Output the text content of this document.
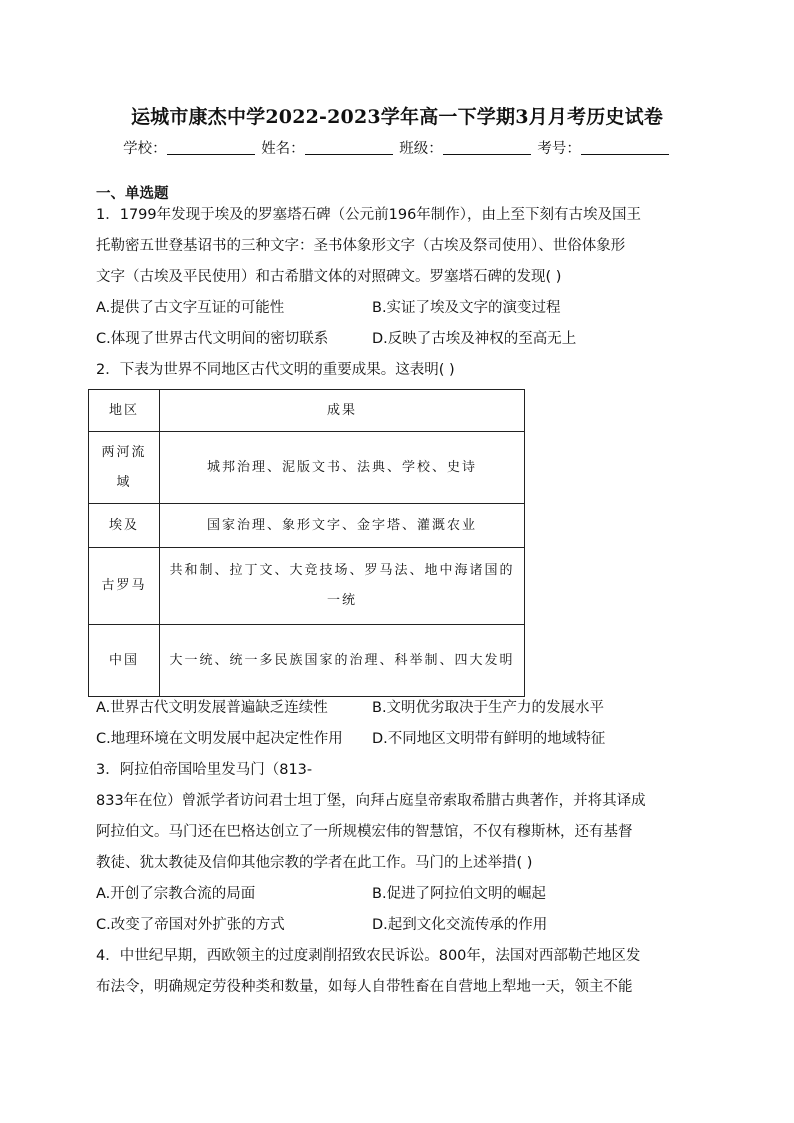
运城市康杰中学2022-2023学年高一下学期3月月考历史试卷
学校：	姓名：	班级：	考号：
一、单选题
1．1799年发现于埃及的罗塞塔石碑（公元前196年制作），由上至下刻有古埃及国王
托勒密五世登基诏书的三种文字：圣书体象形文字（古埃及祭司使用）、世俗体象形
文字（古埃及平民使用）和古希腊文体的对照碑文。罗塞塔石碑的发现( )
A.提供了古文字互证的可能性	B.实证了埃及文字的演变过程
C.体现了世界古代文明间的密切联系	D.反映了古埃及神权的至高无上
2．下表为世界不同地区古代文明的重要成果。这表明( )
地区	成果
两河流域	城邦治理、泥版文书、法典、学校、史诗
埃及	国家治理、象形文字、金字塔、灌溉农业
古罗马	共和制、拉丁文、大竞技场、罗马法、地中海诸国的一统
中国	大一统、统一多民族国家的治理、科举制、四大发明
A.世界古代文明发展普遍缺乏连续性	B.文明优劣取决于生产力的发展水平
C.地理环境在文明发展中起决定性作用 D.不同地区文明带有鲜明的地域特征
3．阿拉伯帝国哈里发马门（813-
833年在位）曾派学者访问君士坦丁堡，向拜占庭皇帝索取希腊古典著作，并将其译成
阿拉伯文。马门还在巴格达创立了一所规模宏伟的智慧馆，不仅有穆斯林，还有基督
教徒、犹太教徒及信仰其他宗教的学者在此工作。马门的上述举措( )
A.开创了宗教合流的局面	B.促进了阿拉伯文明的崛起
C.改变了帝国对外扩张的方式	D.起到文化交流传承的作用
4．中世纪早期，西欧领主的过度剥削招致农民诉讼。800年，法国对西部勒芒地区发
布法令，明确规定劳役种类和数量，如每人自带牲畜在自营地上犁地一天，领主不能
